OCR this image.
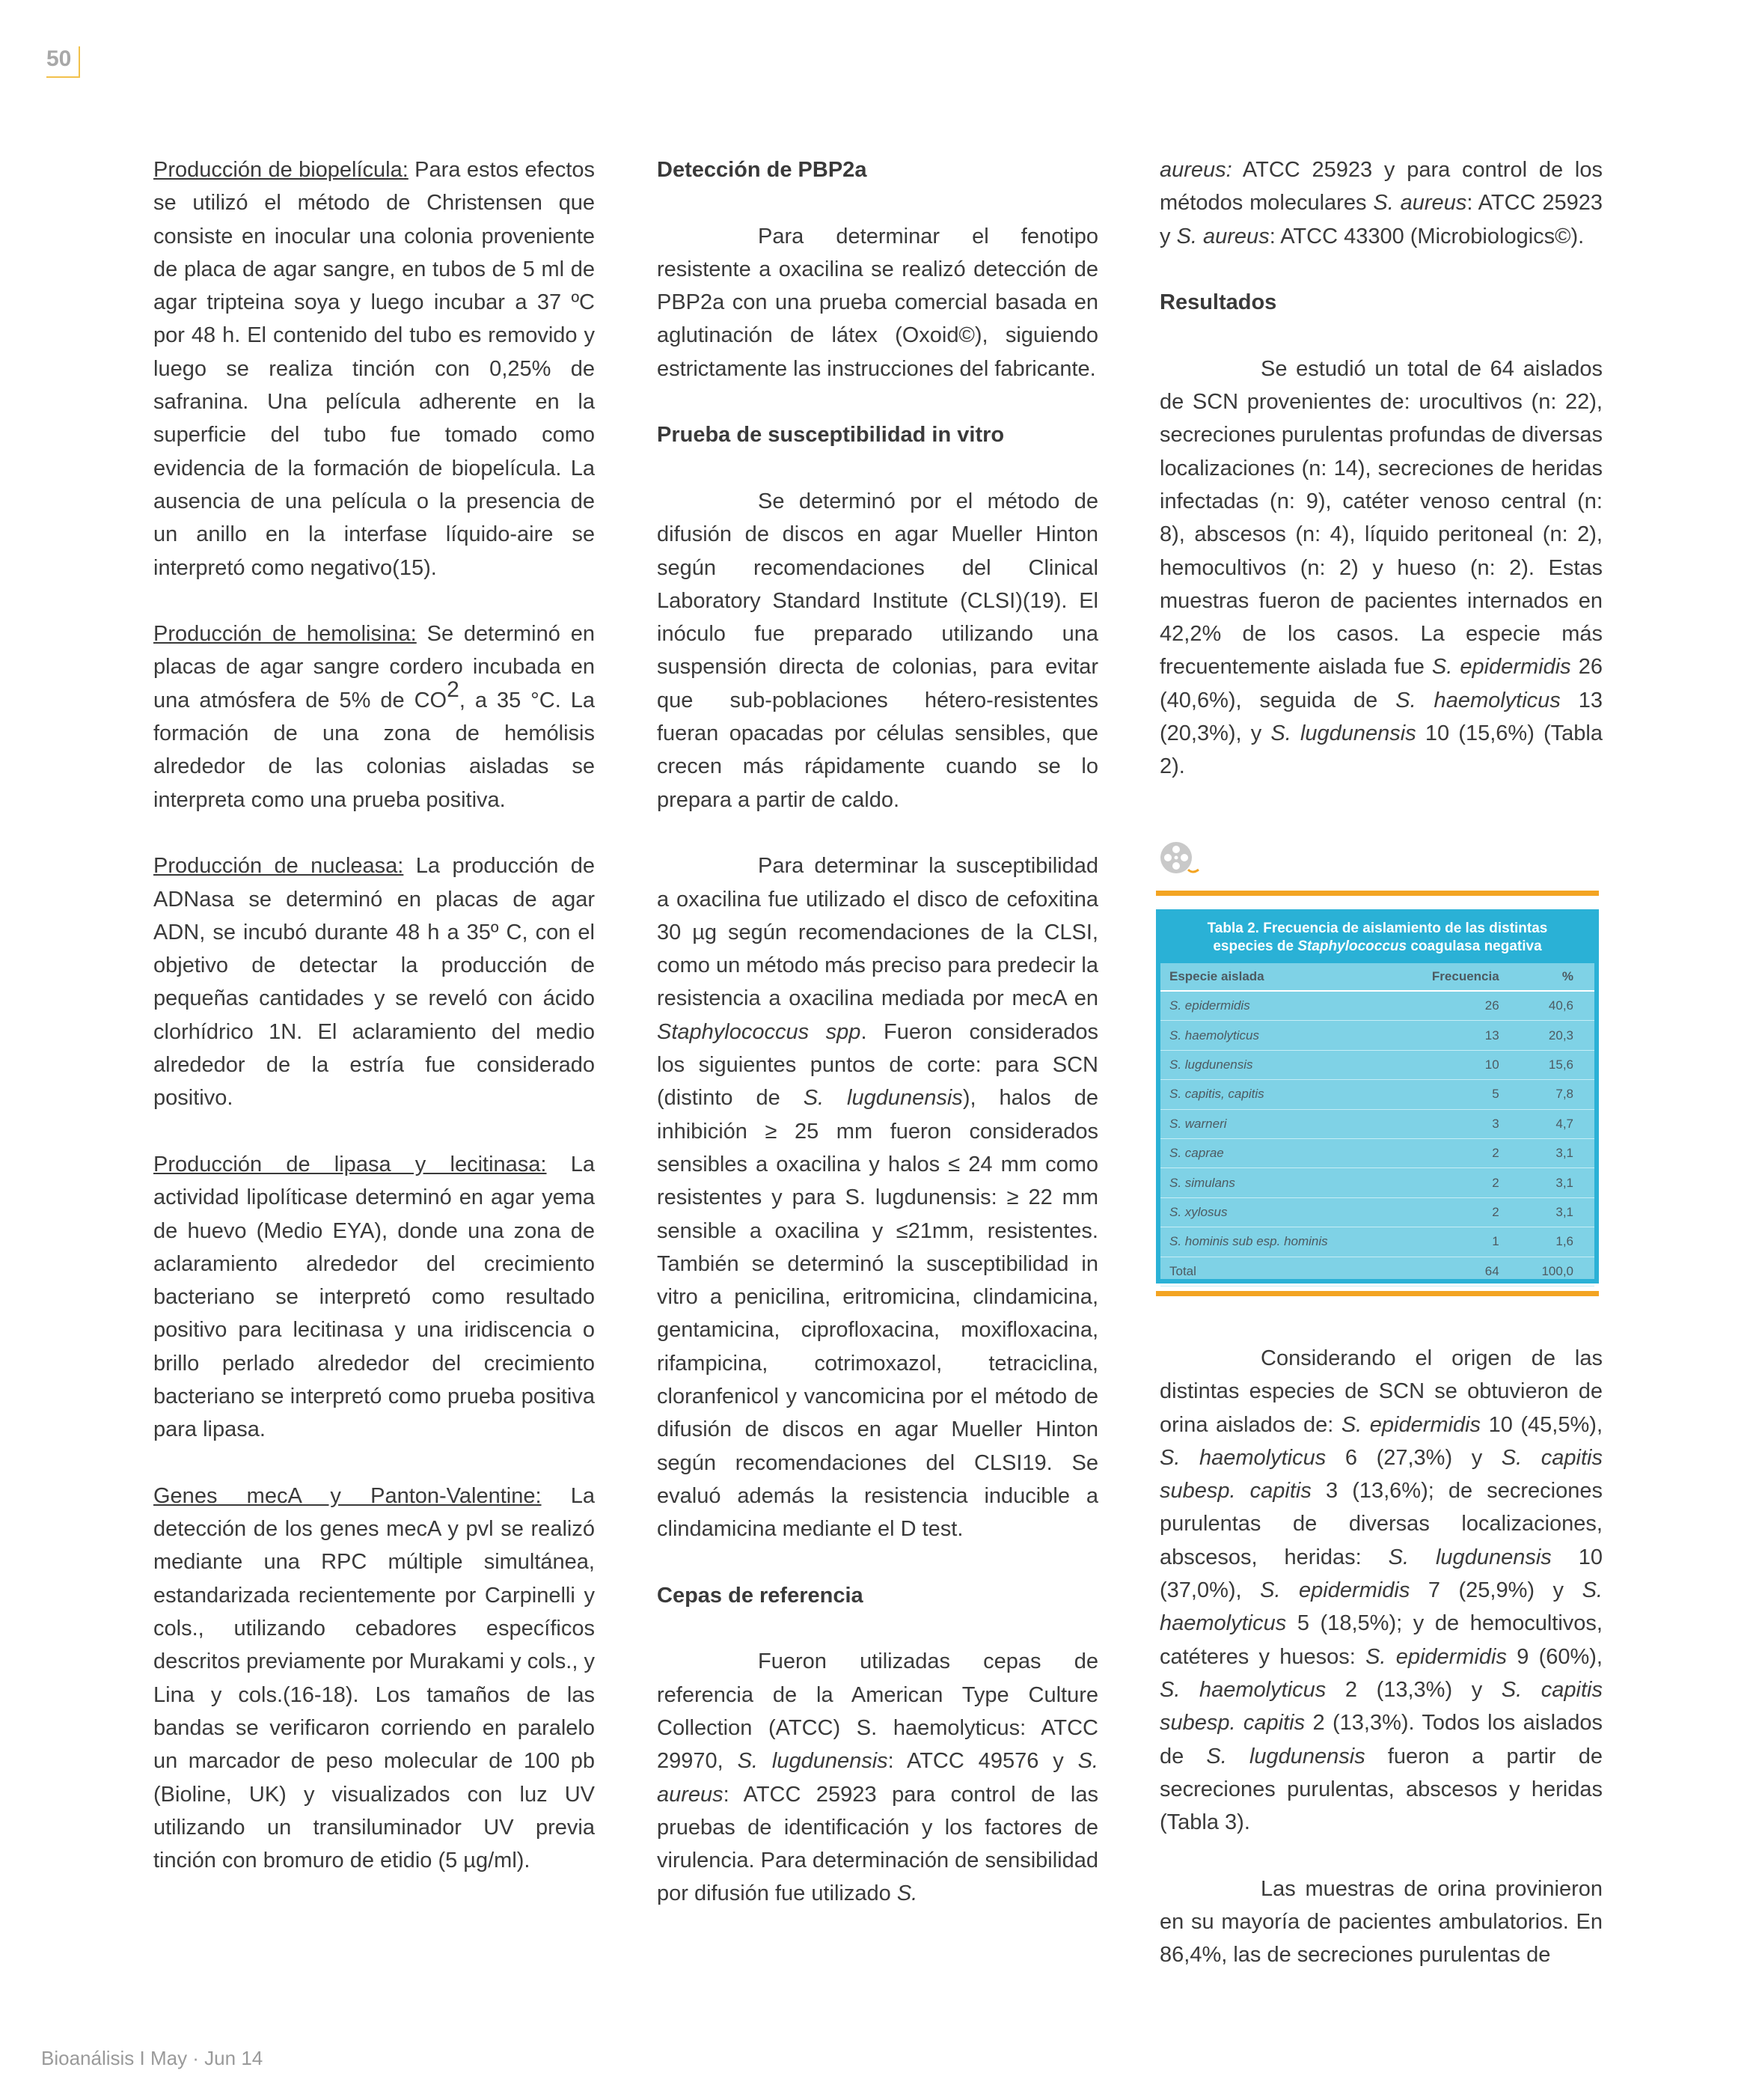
50

Producción de biopelícula: Para estos efectos se utilizó el método de Christensen que consiste en inocular una colonia proveniente de placa de agar sangre, en tubos de 5 ml de agar tripteina soya y luego incubar a 37 ºC por 48 h. El contenido del tubo es removido y luego se realiza tinción con 0,25% de safranina. Una película adherente en la superficie del tubo fue tomado como evidencia de la formación de biopelícula. La ausencia de una película o la presencia de un anillo en la interfase líquido-aire se interpretó como negativo(15).

Producción de hemolisina: Se determinó en placas de agar sangre cordero incubada en una atmósfera de 5% de CO2, a 35 °C. La formación de una zona de hemólisis alrededor de las colonias aisladas se interpreta como una prueba positiva.

Producción de nucleasa: La producción de ADNasa se determinó en placas de agar ADN, se incubó durante 48 h a 35º C, con el objetivo de detectar la producción de pequeñas cantidades y se reveló con ácido clorhídrico 1N. El aclaramiento del medio alrededor de la estría fue considerado positivo.

Producción de lipasa y lecitinasa: La actividad lipolíticase determinó en agar yema de huevo (Medio EYA), donde una zona de aclaramiento alrededor del crecimiento bacteriano se interpretó como resultado positivo para lecitinasa y una iridiscencia o brillo perlado alrededor del crecimiento bacteriano se interpretó como prueba positiva para lipasa.

Genes mecA y Panton-Valentine: La detección de los genes mecA y pvl se realizó mediante una RPC múltiple simultánea, estandarizada recientemente por Carpinelli y cols., utilizando cebadores específicos descritos previamente por Murakami y cols., y Lina y cols.(16-18). Los tamaños de las bandas se verificaron corriendo en paralelo un marcador de peso molecular de 100 pb (Bioline, UK) y visualizados con luz UV utilizando un transiluminador UV previa tinción con bromuro de etidio (5 µg/ml).

Detección de PBP2a

Para determinar el fenotipo resistente a oxacilina se realizó detección de PBP2a con una prueba comercial basada en aglutinación de látex (Oxoid©), siguiendo estrictamente las instrucciones del fabricante.

Prueba de susceptibilidad in vitro

Se determinó por el método de difusión de discos en agar Mueller Hinton según recomendaciones del Clinical Laboratory Standard Institute (CLSI)(19). El inóculo fue preparado utilizando una suspensión directa de colonias, para evitar que sub-poblaciones hétero-resistentes fueran opacadas por células sensibles, que crecen más rápidamente cuando se lo prepara a partir de caldo.

Para determinar la susceptibilidad a oxacilina fue utilizado el disco de cefoxitina 30 µg según recomendaciones de la CLSI, como un método más preciso para predecir la resistencia a oxacilina mediada por mecA en Staphylococcus spp. Fueron considerados los siguientes puntos de corte: para SCN (distinto de S. lugdunensis), halos de inhibición ≥ 25 mm fueron considerados sensibles a oxacilina y halos ≤ 24 mm como resistentes y para S. lugdunensis: ≥ 22 mm sensible a oxacilina y ≤21mm, resistentes. También se determinó la susceptibilidad in vitro a penicilina, eritromicina, clindamicina, gentamicina, ciprofloxacina, moxifloxacina, rifampicina, cotrimoxazol, tetraciclina, cloranfenicol y vancomicina por el método de difusión de discos en agar Mueller Hinton según recomendaciones del CLSI19. Se evaluó además la resistencia inducible a clindamicina mediante el D test.

Cepas de referencia

Fueron utilizadas cepas de referencia de la American Type Culture Collection (ATCC) S. haemolyticus: ATCC 29970, S. lugdunensis: ATCC 49576 y S. aureus: ATCC 25923 para control de las pruebas de identificación y los factores de virulencia. Para determinación de sensibilidad por difusión fue utilizado S.

aureus: ATCC 25923 y para control de los métodos moleculares S. aureus: ATCC 25923 y S. aureus: ATCC 43300 (Microbiologics©).

Resultados

Se estudió un total de 64 aislados de SCN provenientes de: urocultivos (n: 22), secreciones purulentas profundas de diversas localizaciones (n: 14), secreciones de heridas infectadas (n: 9), catéter venoso central (n: 8), abscesos (n: 4), líquido peritoneal (n: 2), hemocultivos (n: 2) y hueso (n: 2). Estas muestras fueron de pacientes internados en 42,2% de los casos. La especie más frecuentemente aislada fue S. epidermidis 26 (40,6%), seguida de S. haemolyticus 13 (20,3%), y S. lugdunensis 10 (15,6%) (Tabla 2).

Tabla 2. Frecuencia de aislamiento de las distintas especies de Staphylococcus coagulasa negativa
Especie aislada	Frecuencia	%
S. epidermidis	26	40,6
S. haemolyticus	13	20,3
S. lugdunensis	10	15,6
S. capitis, capitis	5	7,8
S. warneri	3	4,7
S. caprae	2	3,1
S. simulans	2	3,1
S. xylosus	2	3,1
S. hominis sub esp. hominis	1	1,6
Total	64	100,0

Considerando el origen de las distintas especies de SCN se obtuvieron de orina aislados de: S. epidermidis 10 (45,5%), S. haemolyticus 6 (27,3%) y S. capitis subesp. capitis 3 (13,6%); de secreciones purulentas de diversas localizaciones, abscesos, heridas: S. lugdunensis 10 (37,0%), S. epidermidis 7 (25,9%) y S. haemolyticus 5 (18,5%); y de hemocultivos, catéteres y huesos: S. epidermidis 9 (60%), S. haemolyticus 2 (13,3%) y S. capitis subesp. capitis 2 (13,3%). Todos los aislados de S. lugdunensis fueron a partir de secreciones purulentas, abscesos y heridas (Tabla 3).

Las muestras de orina provinieron en su mayoría de pacientes ambulatorios. En 86,4%, las de secreciones purulentas de

Bioanálisis I May · Jun 14
